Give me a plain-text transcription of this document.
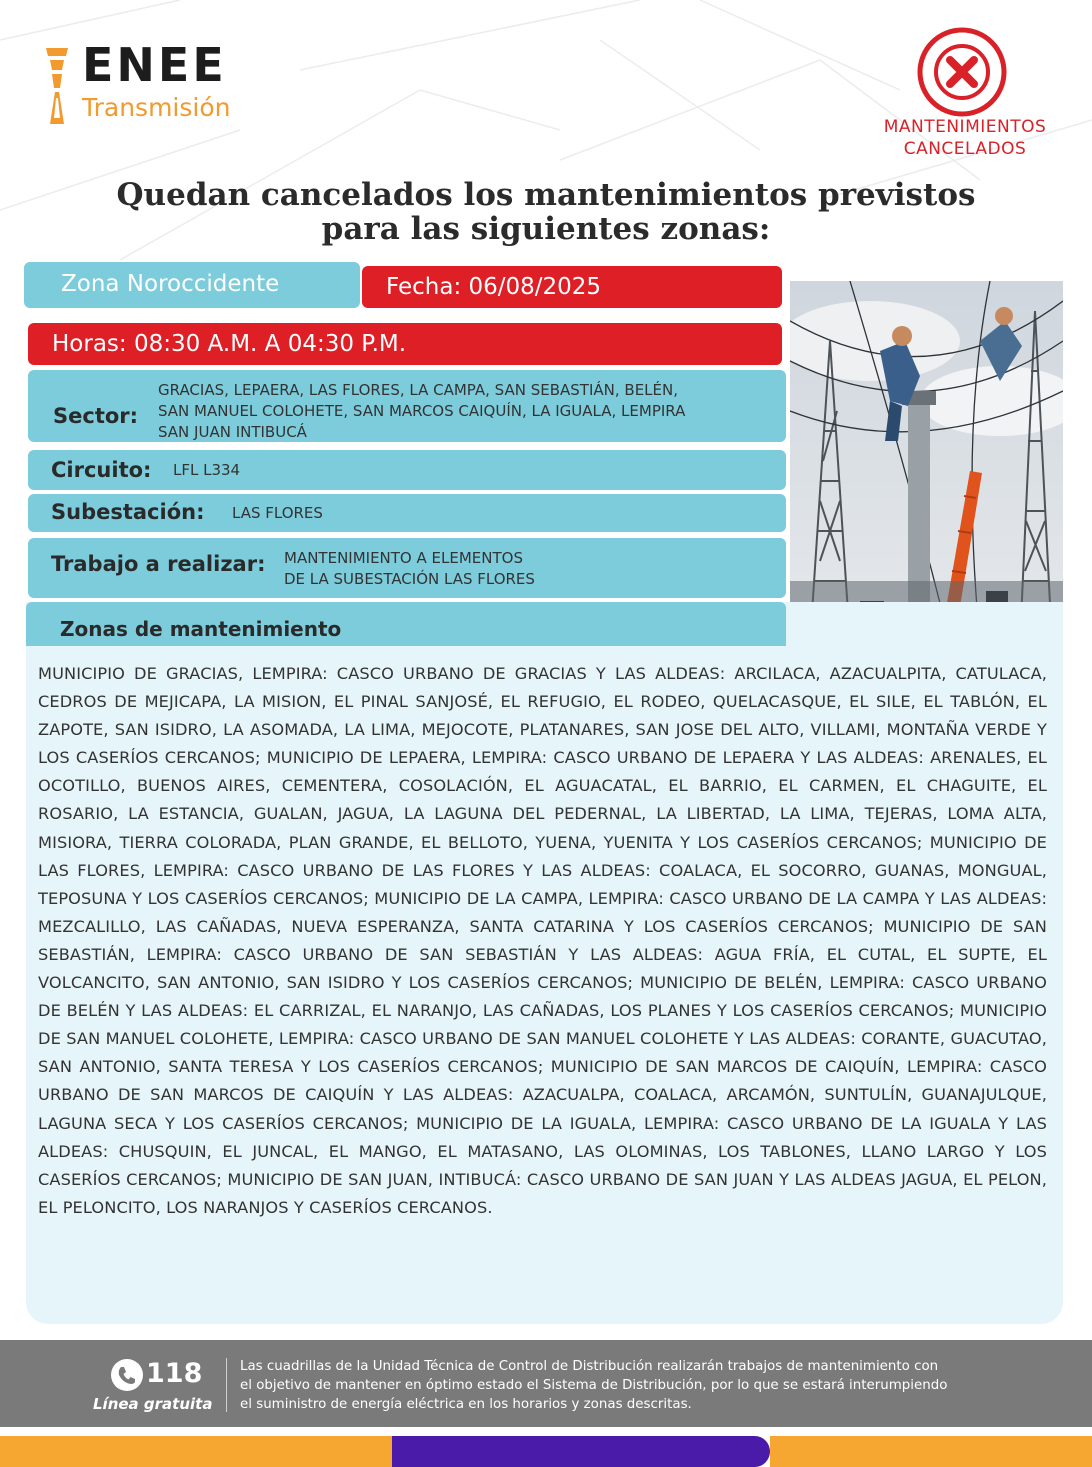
ENEE
Transmisión
MANTENIMIENTOS
CANCELADOS
Quedan cancelados los mantenimientos previstos
para las siguientes zonas:
Zona Noroccidente	Fecha: 06/08/2025
Horas: 08:30 A.M. A 04:30 P.M.
Sector:
GRACIAS, LEPAERA, LAS FLORES, LA CAMPA, SAN SEBASTIÁN, BELÉN,
SAN MANUEL COLOHETE, SAN MARCOS CAIQUÍN, LA IGUALA, LEMPIRA
SAN JUAN INTIBUCÁ
Circuito: LFL L334
Subestación: LAS FLORES
Trabajo a realizar: MANTENIMIENTO A ELEMENTOS
DE LA SUBESTACIÓN LAS FLORES
Zonas de mantenimiento
MUNICIPIO DE GRACIAS, LEMPIRA: CASCO URBANO DE GRACIAS Y LAS ALDEAS: ARCILACA, AZACUALPITA, CATULACA, CEDROS DE MEJICAPA, LA MISION, EL PINAL SANJOSÉ, EL REFUGIO, EL RODEO, QUELACASQUE, EL SILE, EL TABLÓN, EL ZAPOTE, SAN ISIDRO, LA ASOMADA, LA LIMA, MEJOCOTE, PLATANARES, SAN JOSE DEL ALTO, VILLAMI, MONTAÑA VERDE Y LOS CASERÍOS CERCANOS; MUNICIPIO DE LEPAERA, LEMPIRA: CASCO URBANO DE LEPAERA Y LAS ALDEAS: ARENALES, EL OCOTILLO, BUENOS AIRES, CEMENTERA, COSOLACIÓN, EL AGUACATAL, EL BARRIO, EL CARMEN, EL CHAGUITE, EL ROSARIO, LA ESTANCIA, GUALAN, JAGUA, LA LAGUNA DEL PEDERNAL, LA LIBERTAD, LA LIMA, TEJERAS, LOMA ALTA, MISIORA, TIERRA COLORADA, PLAN GRANDE, EL BELLOTO, YUENA, YUENITA Y LOS CASERÍOS CERCANOS; MUNICIPIO DE LAS FLORES, LEMPIRA: CASCO URBANO DE LAS FLORES Y LAS ALDEAS: COALACA, EL SOCORRO, GUANAS, MONGUAL, TEPOSUNA Y LOS CASERÍOS CERCANOS; MUNICIPIO DE LA CAMPA, LEMPIRA: CASCO URBANO DE LA CAMPA Y LAS ALDEAS: MEZCALILLO, LAS CAÑADAS, NUEVA ESPERANZA, SANTA CATARINA Y LOS CASERÍOS CERCANOS; MUNICIPIO DE SAN SEBASTIÁN, LEMPIRA: CASCO URBANO DE SAN SEBASTIÁN Y LAS ALDEAS: AGUA FRÍA, EL CUTAL, EL SUPTE, EL VOLCANCITO, SAN ANTONIO, SAN ISIDRO Y LOS CASERÍOS CERCANOS; MUNICIPIO DE BELÉN, LEMPIRA: CASCO URBANO DE BELÉN Y LAS ALDEAS: EL CARRIZAL, EL NARANJO, LAS CAÑADAS, LOS PLANES Y LOS CASERÍOS CERCANOS; MUNICIPIO DE SAN MANUEL COLOHETE, LEMPIRA: CASCO URBANO DE SAN MANUEL COLOHETE Y LAS ALDEAS: CORANTE, GUACUTAO, SAN ANTONIO, SANTA TERESA Y LOS CASERÍOS CERCANOS; MUNICIPIO DE SAN MARCOS DE CAIQUÍN, LEMPIRA: CASCO URBANO DE SAN MARCOS DE CAIQUÍN Y LAS ALDEAS: AZACUALPA, COALACA, ARCAMÓN, SUNTULÍN, GUANAJULQUE, LAGUNA SECA Y LOS CASERÍOS CERCANOS; MUNICIPIO DE LA IGUALA, LEMPIRA: CASCO URBANO DE LA IGUALA Y LAS ALDEAS: CHUSQUIN, EL JUNCAL, EL MANGO, EL MATASANO, LAS OLOMINAS, LOS TABLONES, LLANO LARGO Y LOS CASERÍOS CERCANOS; MUNICIPIO DE SAN JUAN, INTIBUCÁ: CASCO URBANO DE SAN JUAN Y LAS ALDEAS JAGUA, EL PELON, EL PELONCITO, LOS NARANJOS Y CASERÍOS CERCANOS.
118
Línea gratuita
Las cuadrillas de la Unidad Técnica de Control de Distribución realizarán trabajos de mantenimiento con
el objetivo de mantener en óptimo estado el Sistema de Distribución, por lo que se estará interumpiendo
el suministro de energía eléctrica en los horarios y zonas descritas.
